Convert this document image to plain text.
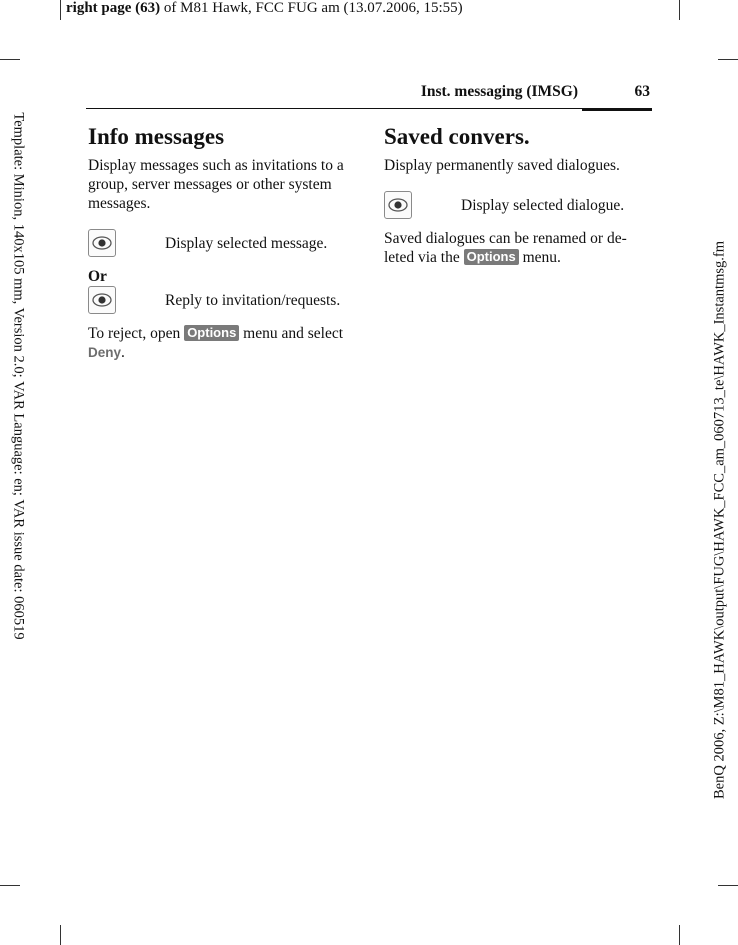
right page (63) of M81 Hawk, FCC FUG am (13.07.2006, 15:55)
Template: Minion, 140x105 mm, Version 2.0; VAR Language: en; VAR issue date: 060519	BenQ 2006, Z:\M81_HAWK\output\FUG\HAWK_FCC_am_060713_te\HAWK_Instantmsg.fm
Inst. messaging (IMSG)	63
Info messages

Display messages such as invitations to a group, server messages or other system messages.

Display selected message.

Or

Reply to invitation/requests.

To reject, open Options menu and select Deny.

Saved convers.

Display permanently saved dialogues.

Display selected dialogue.

Saved dialogues can be renamed or de-leted via the Options menu.
